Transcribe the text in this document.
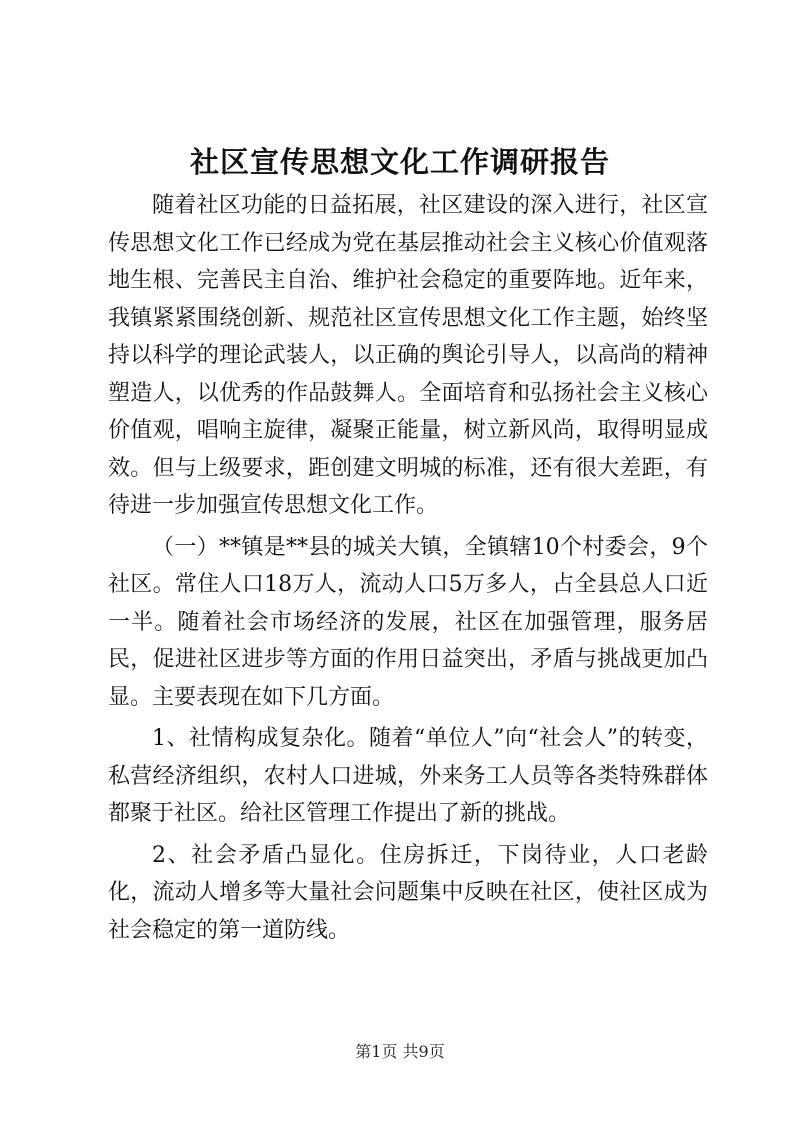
社区宣传思想文化工作调研报告

随着社区功能的日益拓展，社区建设的深入进行，社区宣传思想文化工作已经成为党在基层推动社会主义核心价值观落地生根、完善民主自治、维护社会稳定的重要阵地。近年来，我镇紧紧围绕创新、规范社区宣传思想文化工作主题，始终坚持以科学的理论武装人，以正确的舆论引导人，以高尚的精神塑造人，以优秀的作品鼓舞人。全面培育和弘扬社会主义核心价值观，唱响主旋律，凝聚正能量，树立新风尚，取得明显成效。但与上级要求，距创建文明城的标准，还有很大差距，有待进一步加强宣传思想文化工作。

（一）**镇是**县的城关大镇，全镇辖10个村委会，9个社区。常住人口18万人，流动人口5万多人，占全县总人口近一半。随着社会市场经济的发展，社区在加强管理，服务居民，促进社区进步等方面的作用日益突出，矛盾与挑战更加凸显。主要表现在如下几方面。

1、社情构成复杂化。随着“单位人”向“社会人”的转变，私营经济组织，农村人口进城，外来务工人员等各类特殊群体都聚于社区。给社区管理工作提出了新的挑战。

2、社会矛盾凸显化。住房拆迁，下岗待业，人口老龄化，流动人增多等大量社会问题集中反映在社区，使社区成为社会稳定的第一道防线。

第1页 共9页
